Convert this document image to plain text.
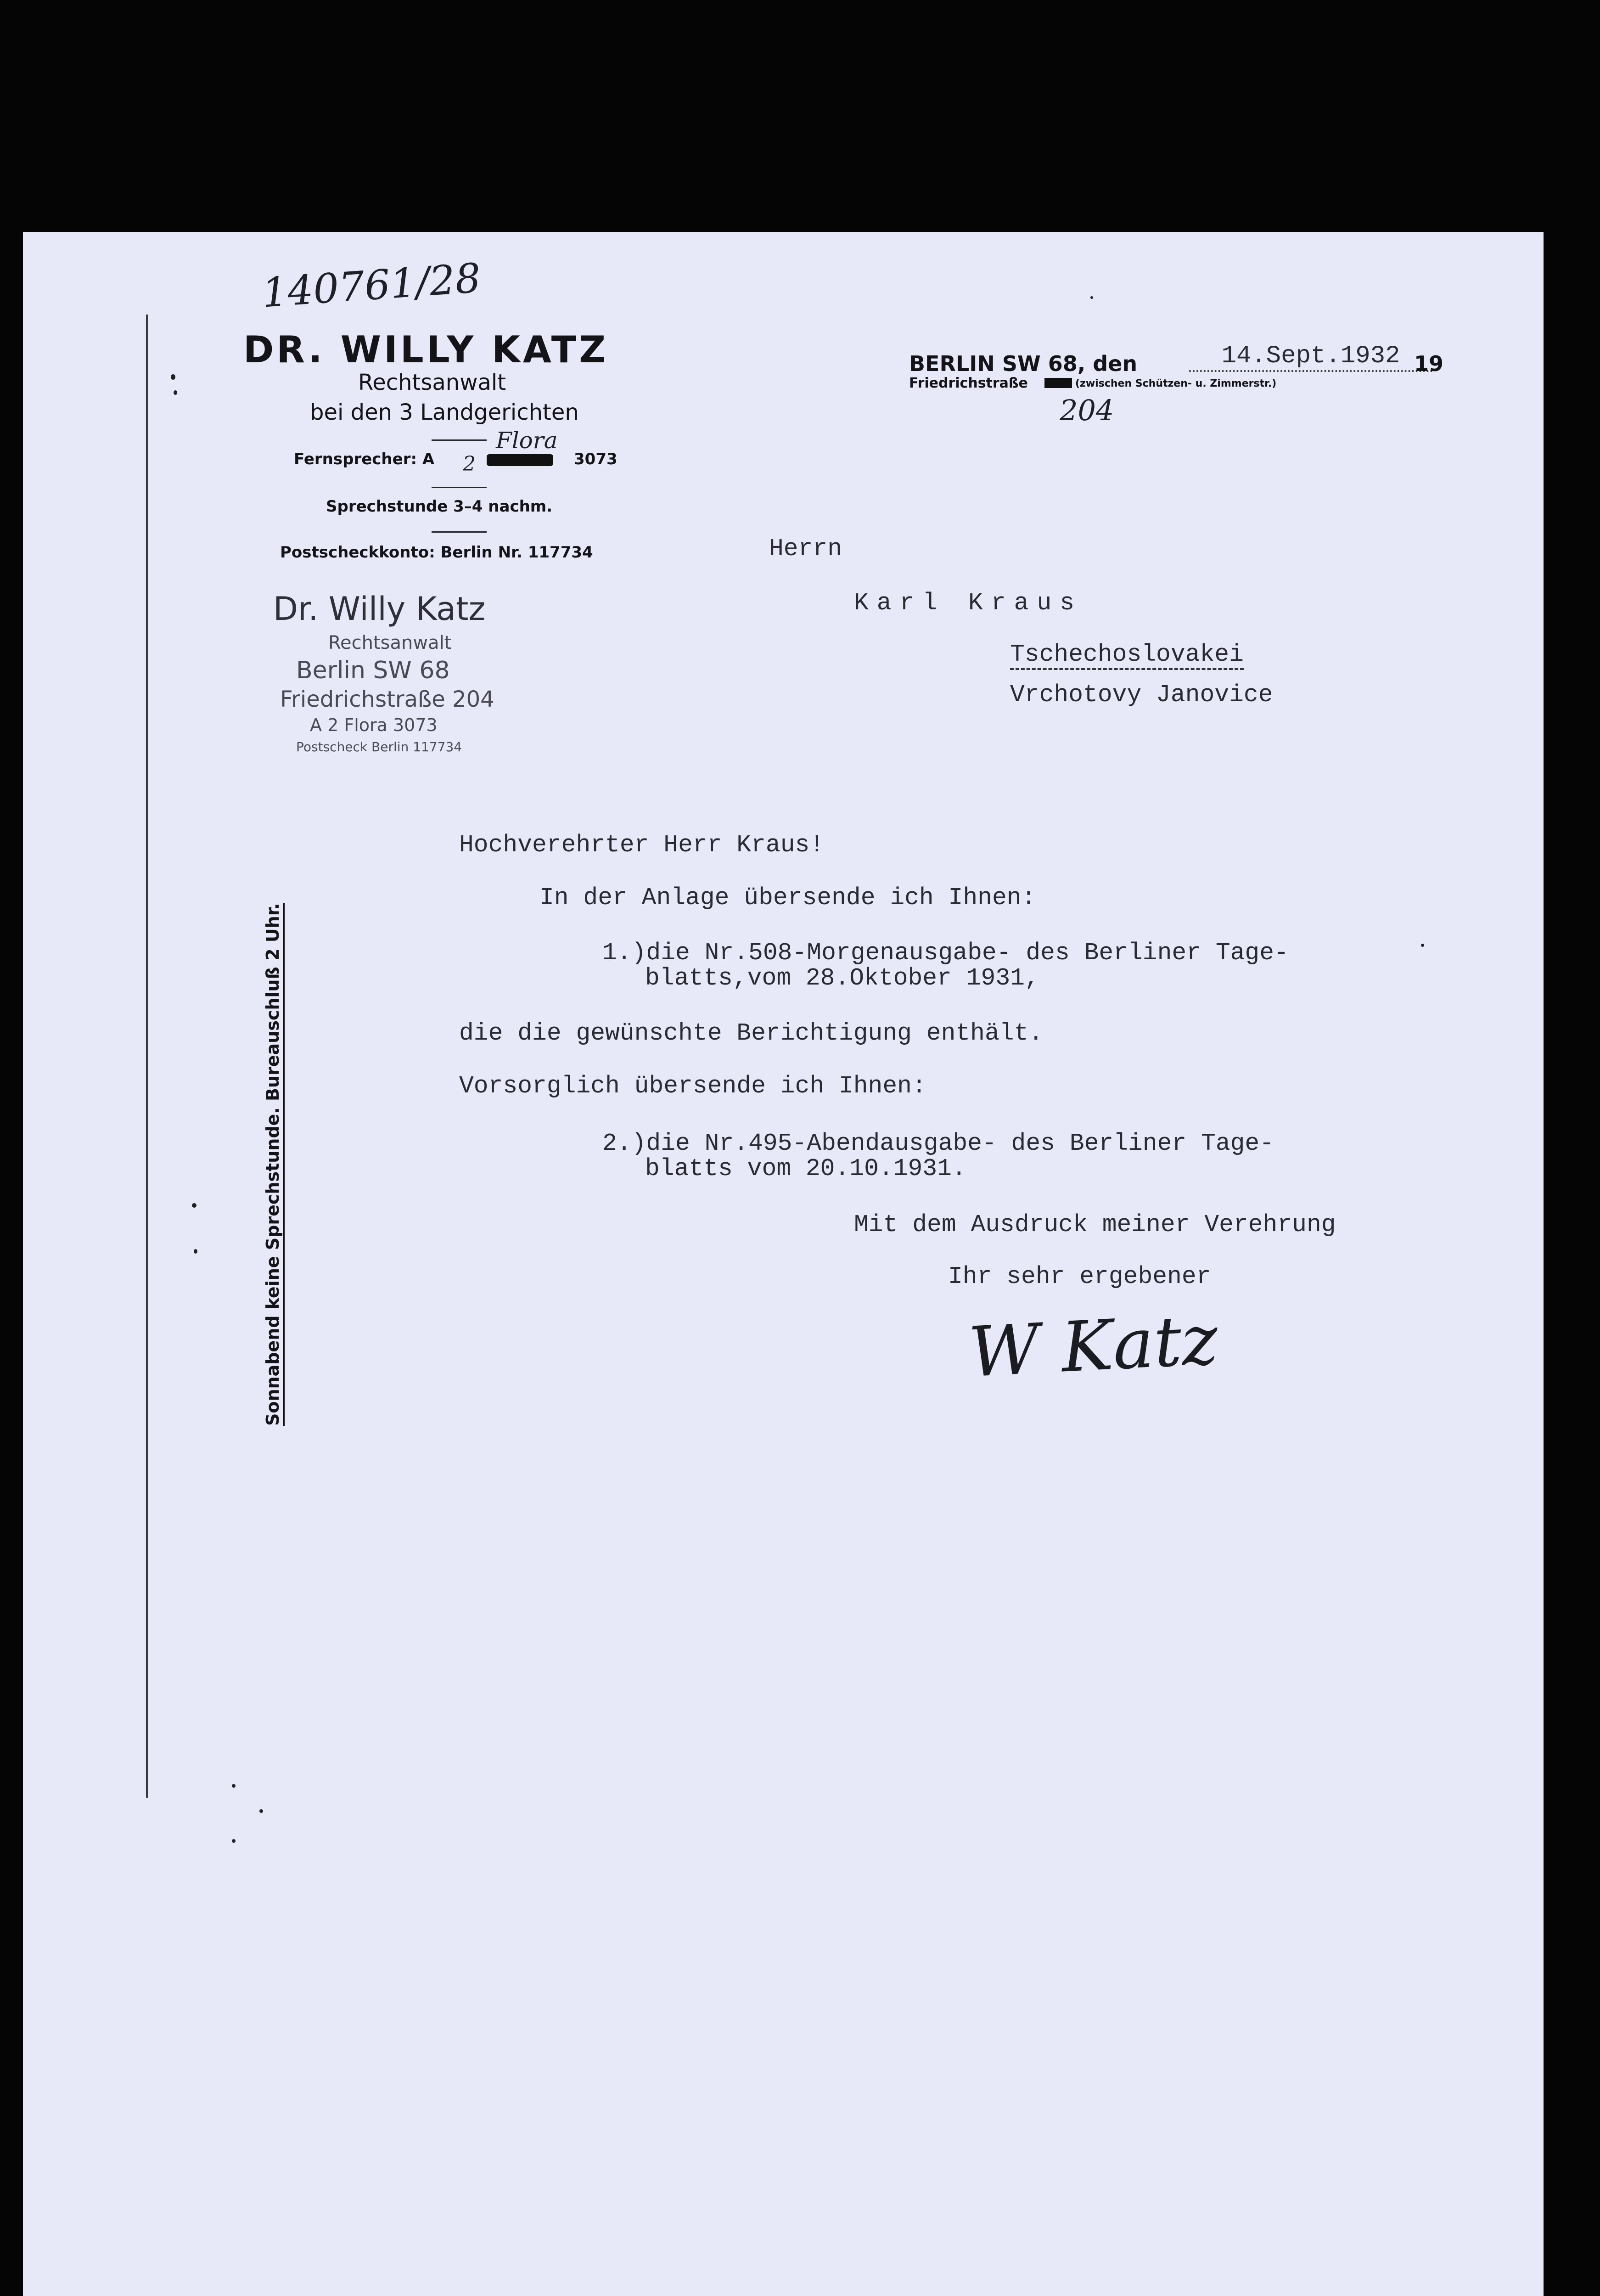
140761/28
DR. WILLY KATZ
Rechtsanwalt
bei den 3 Landgerichten
Fernsprecher: A 2
Flora
3073
Sprechstunde 3–4 nachm.
Postscheckkonto: Berlin Nr. 117734
Dr. Willy Katz
Rechtsanwalt
Berlin SW 68
Friedrichstraße 204
A 2 Flora 3073
Postscheck Berlin 117734
BERLIN SW 68, den	14.Sept.1932 19
Friedrichstraße	(zwischen Schützen- u. Zimmerstr.)
204
Herrn
Karl Kraus
Tschechoslovakei
Vrchotovy Janovice
Hochverehrter Herr Kraus!
In der Anlage übersende ich Ihnen:
1.)die Nr.508-Morgenausgabe- des Berliner Tage-
blatts,vom 28.Oktober 1931,
die die gewünschte Berichtigung enthält.
Vorsorglich übersende ich Ihnen:
2.)die Nr.495-Abendausgabe- des Berliner Tage-
blatts vom 20.10.1931.
Mit dem Ausdruck meiner Verehrung
Ihr sehr ergebener
W Katz
Sonnabend keine Sprechstunde. Bureauschluß 2 Uhr.
